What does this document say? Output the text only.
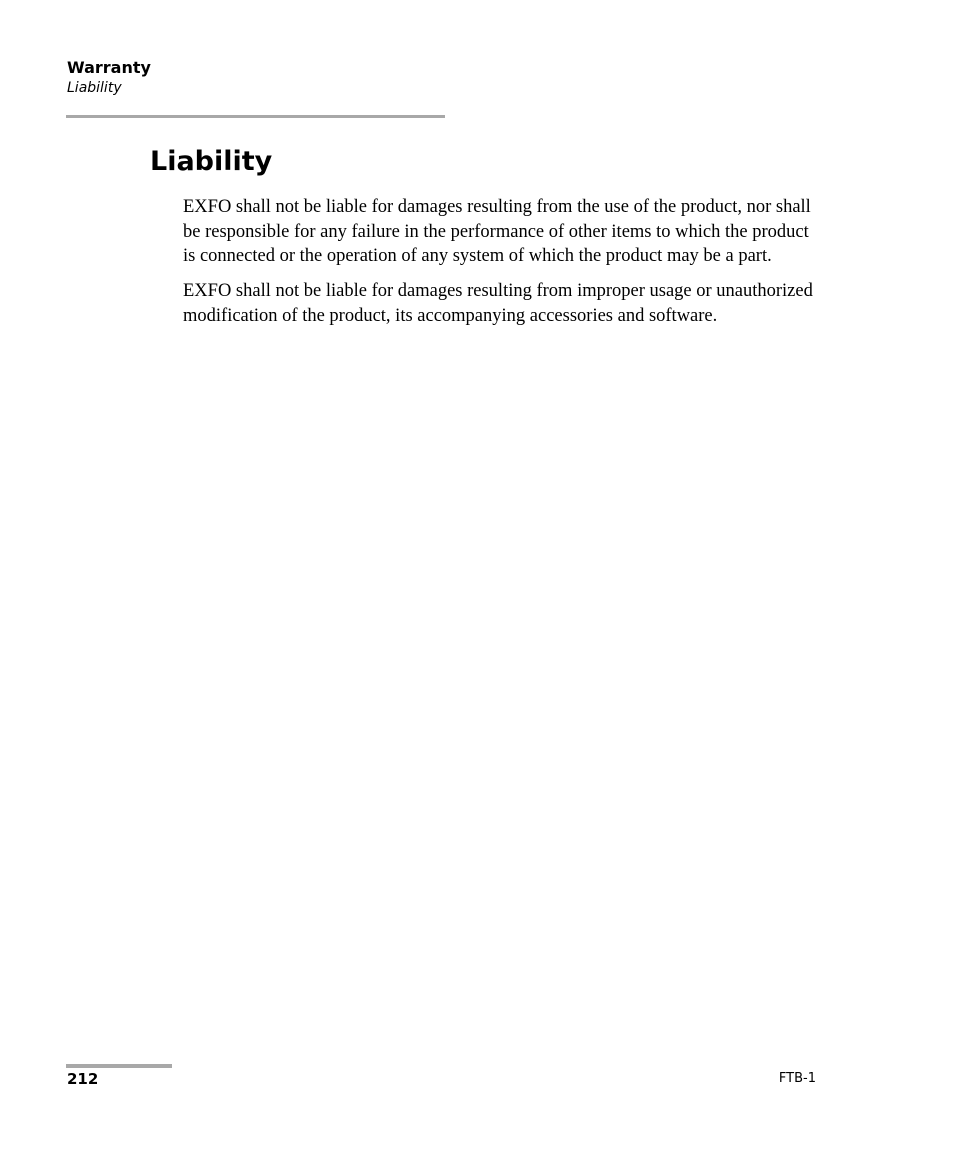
Warranty

Liability

Liability

EXFO shall not be liable for damages resulting from the use of the product, nor shall be responsible for any failure in the performance of other items to which the product is connected or the operation of any system of which the product may be a part.

EXFO shall not be liable for damages resulting from improper usage or unauthorized modification of the product, its accompanying accessories and software.

212	FTB-1
